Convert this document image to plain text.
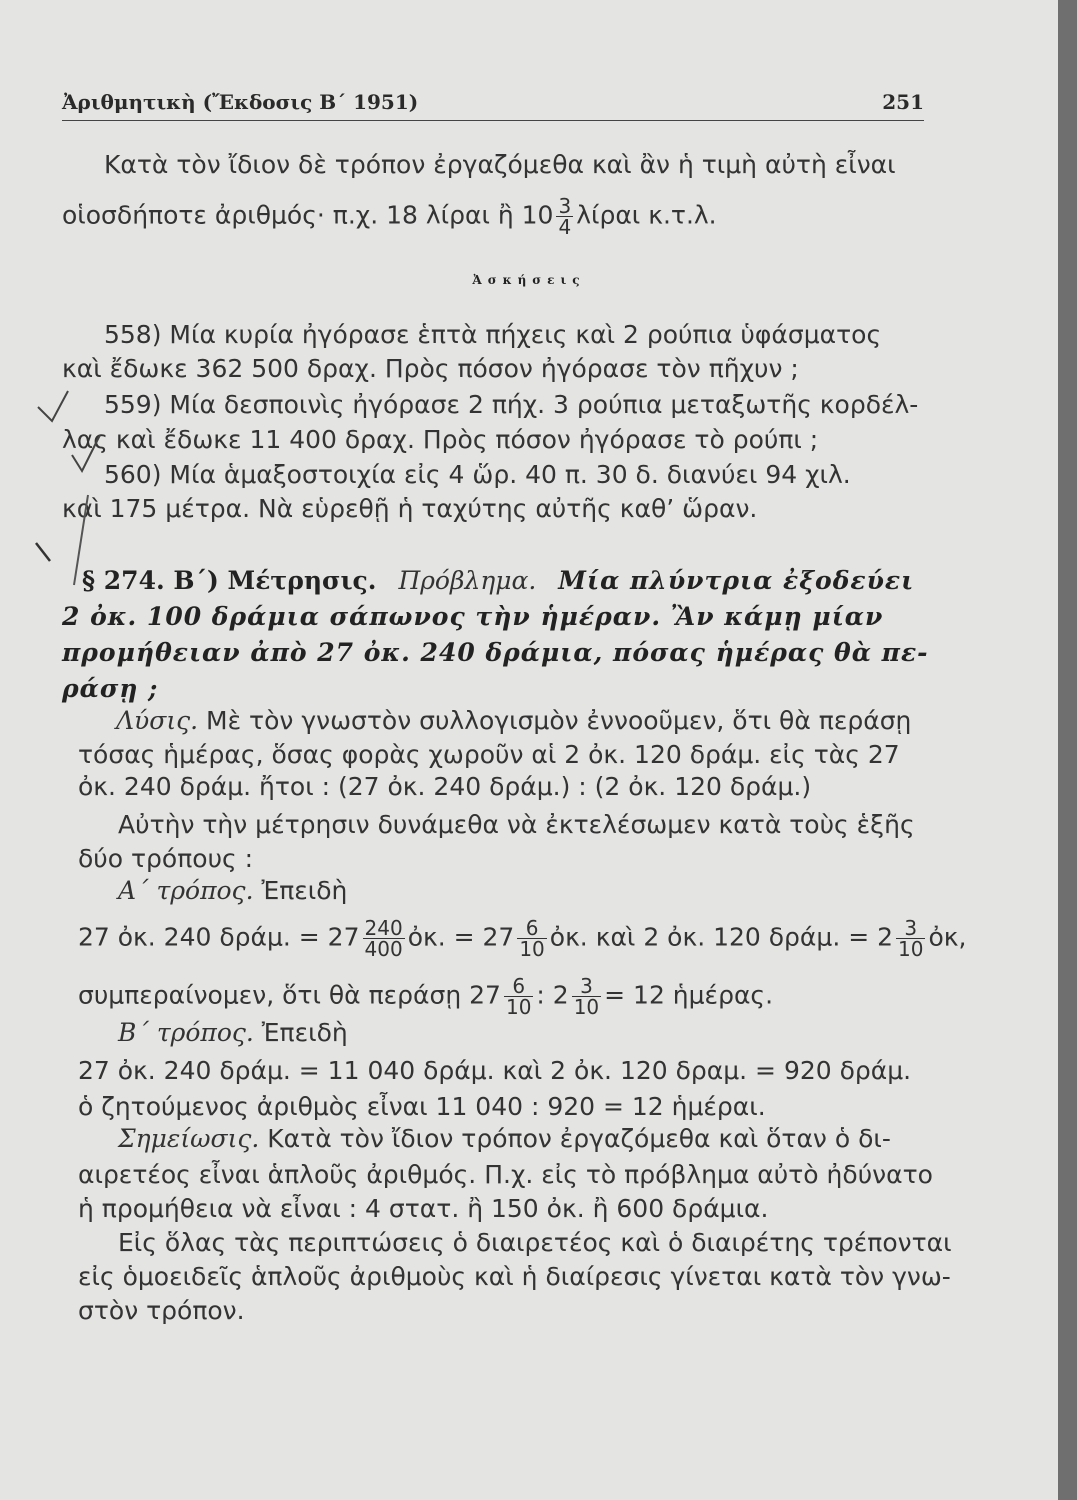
Ἀριθμητικὴ (Ἔκδοσις Β΄ 1951)	251
Κατὰ τὸν ἴδιον δὲ τρόπον ἐργαζόμεθα καὶ ἂν ἡ τιμὴ αὐτὴ εἶναι
οἱοσδήποτε ἀριθμός· π.χ. 18 λίραι ἢ $10 \frac{3}{4}$ λίραι κ.τ.λ.
Ἀσκήσεις
558) Μία κυρία ἠγόρασε ἑπτὰ πήχεις καὶ 2 ρούπια ὑφάσματος
καὶ ἔδωκε 362 500 δραχ. Πρὸς πόσον ἠγόρασε τὸν πῆχυν ;
559) Μία δεσποινὶς ἠγόρασε 2 πήχ. 3 ρούπια μεταξωτῆς κορδέλ-
λας καὶ ἔδωκε 11 400 δραχ. Πρὸς πόσον ἠγόρασε τὸ ρούπι ;
560) Μία ἁμαξοστοιχία εἰς 4 ὥρ. 40 π. 30 δ. διανύει 94 χιλ.
καὶ 175 μέτρα. Νὰ εὑρεθῇ ἡ ταχύτης αὐτῆς καθ’ ὥραν.
§ 274. Β΄) Μέτρησις. Πρόβλημα. Μία πλύντρια ἐξοδεύει
2 ὀκ. 100 δράμια σάπωνος τὴν ἡμέραν. Ἂν κάμῃ μίαν
προμήθειαν ἀπὸ 27 ὀκ. 240 δράμια, πόσας ἡμέρας θὰ πε-
ράσῃ ;
Λύσις. Μὲ τὸν γνωστὸν συλλογισμὸν ἐννοοῦμεν, ὅτι θὰ περάσῃ
τόσας ἡμέρας, ὅσας φορὰς χωροῦν αἱ 2 ὀκ. 120 δράμ. εἰς τὰς 27
ὀκ. 240 δράμ. ἤτοι : (27 ὀκ. 240 δράμ.) : (2 ὀκ. 120 δράμ.)
Αὐτὴν τὴν μέτρησιν δυνάμεθα νὰ ἐκτελέσωμεν κατὰ τοὺς ἑξῆς
δύο τρόπους :
Α΄ τρόπος. Ἐπειδὴ
27 ὀκ. 240 δράμ. = $27 \frac{240}{400}$ ὀκ. = $27 \frac{6}{10}$ ὀκ. καὶ 2 ὀκ. 120 δράμ. = $2 \frac{3}{10}$ ὀκ,
συμπεραίνομεν, ὅτι θὰ περάσῃ $27 \frac{6}{10}$ : $2 \frac{3}{10} = 12$ ἡμέρας.
Β΄ τρόπος. Ἐπειδὴ
27 ὀκ. 240 δράμ. = 11 040 δράμ. καὶ 2 ὀκ. 120 δραμ. = 920 δράμ.
ὁ ζητούμενος ἀριθμὸς εἶναι 11 040 : 920 = 12 ἡμέραι.
Σημείωσις. Κατὰ τὸν ἴδιον τρόπον ἐργαζόμεθα καὶ ὅταν ὁ δι-
αιρετέος εἶναι ἁπλοῦς ἀριθμός. Π.χ. εἰς τὸ πρόβλημα αὐτὸ ἠδύνατο
ἡ προμήθεια νὰ εἶναι : 4 στατ. ἢ 150 ὀκ. ἢ 600 δράμια.
Εἰς ὅλας τὰς περιπτώσεις ὁ διαιρετέος καὶ ὁ διαιρέτης τρέπονται
εἰς ὁμοειδεῖς ἁπλοῦς ἀριθμοὺς καὶ ἡ διαίρεσις γίνεται κατὰ τὸν γνω-
στὸν τρόπον.
